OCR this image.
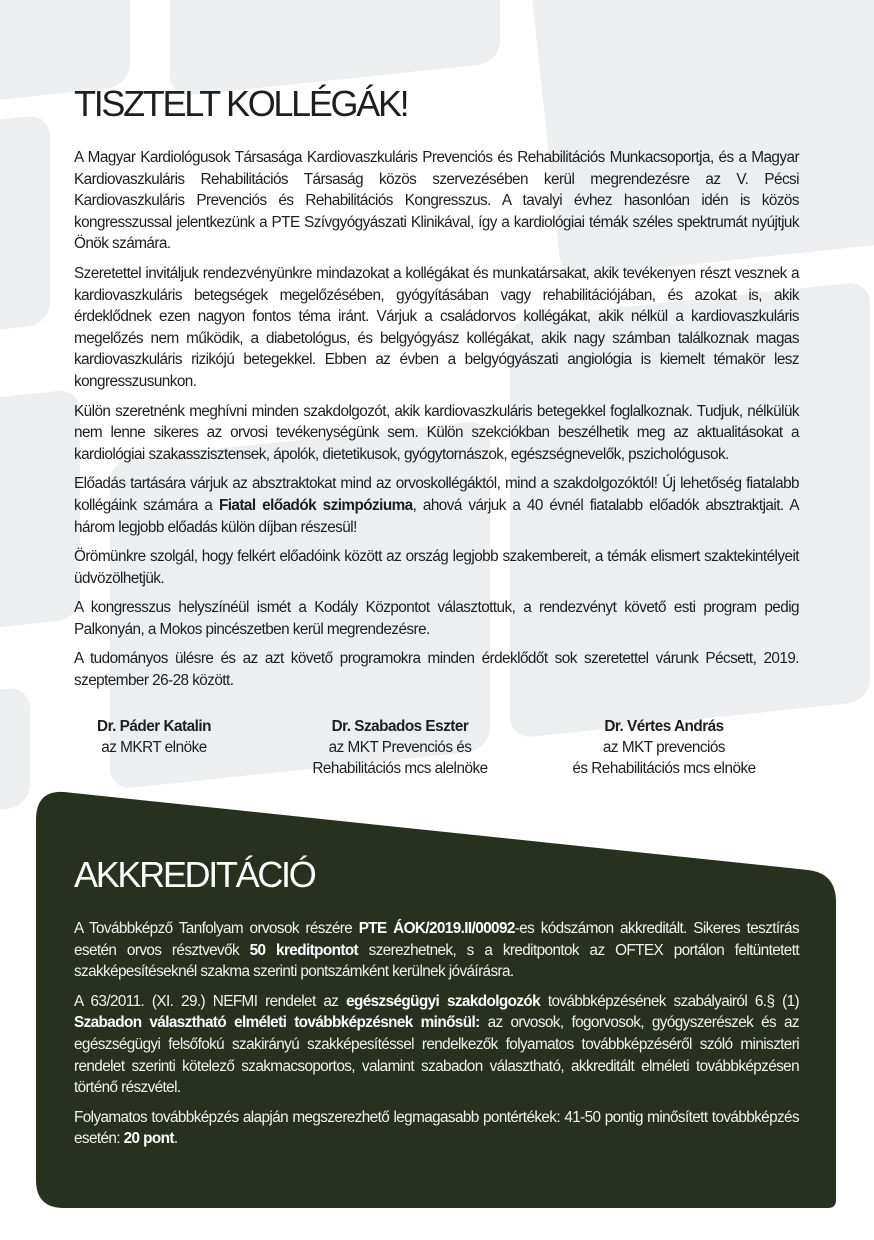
TISZTELT KOLLÉGÁK!

A Magyar Kardiológusok Társasága Kardiovaszkuláris Prevenciós és Rehabilitációs Munkacsoportja, és a Magyar Kardiovaszkuláris Rehabilitációs Társaság közös szervezésében kerül megrendezésre az V. Pécsi Kardiovaszkuláris Prevenciós és Rehabilitációs Kongresszus. A tavalyi évhez hasonlóan idén is közös kongresszussal jelentkezünk a PTE Szívgyógyászati Klinikával, így a kardiológiai témák széles spektrumát nyújtjuk Önök számára.

Szeretettel invitáljuk rendezvényünkre mindazokat a kollégákat és munkatársakat, akik tevékenyen részt vesznek a kardiovaszkuláris betegségek megelőzésében, gyógyításában vagy rehabilitációjában, és azokat is, akik érdeklődnek ezen nagyon fontos téma iránt. Várjuk a családorvos kollégákat, akik nélkül a kardiovaszkuláris megelőzés nem működik, a diabetológus, és belgyógyász kollégákat, akik nagy számban találkoznak magas kardiovaszkuláris rizikójú betegekkel. Ebben az évben a belgyógyászati angiológia is kiemelt témakör lesz kongresszusunkon.

Külön szeretnénk meghívni minden szakdolgozót, akik kardiovaszkuláris betegekkel foglalkoznak. Tudjuk, nélkülük nem lenne sikeres az orvosi tevékenységünk sem. Külön szekciókban beszélhetik meg az aktualitásokat a kardiológiai szakasszisztensek, ápolók, dietetikusok, gyógytornászok, egészségnevelők, pszichológusok.

Előadás tartására várjuk az absztraktokat mind az orvoskollégáktól, mind a szakdolgozóktól! Új lehetőség fiatalabb kollégáink számára a Fiatal előadók szimpóziuma, ahová várjuk a 40 évnél fiatalabb előadók absztraktjait. A három legjobb előadás külön díjban részesül!

Örömünkre szolgál, hogy felkért előadóink között az ország legjobb szakembereit, a témák elismert szaktekintélyeit üdvözölhetjük.

A kongresszus helyszínéül ismét a Kodály Központot választottuk, a rendezvényt követő esti program pedig Palkonyán, a Mokos pincészetben kerül megrendezésre.

A tudományos ülésre és az azt követő programokra minden érdeklődőt sok szeretettel várunk Pécsett, 2019. szeptember 26-28 között.

Dr. Páder Katalin
az MKRT elnöke
Dr. Szabados Eszter
az MKT Prevenciós és
Rehabilitációs mcs alelnöke
Dr. Vértes András
az MKT prevenciós
és Rehabilitációs mcs elnöke
AKKREDITÁCIÓ

A Továbbképző Tanfolyam orvosok részére PTE ÁOK/2019.II/00092-es kódszámon akkreditált. Sikeres tesztírás esetén orvos résztvevők 50 kreditpontot szerezhetnek, s a kreditpontok az OFTEX portálon feltüntetett szakképesítéseknél szakma szerinti pontszámként kerülnek jóváírásra.

A 63/2011. (XI. 29.) NEFMI rendelet az egészségügyi szakdolgozók továbbképzésének szabályairól 6.§ (1) Szabadon választható elméleti továbbképzésnek minősül: az orvosok, fogorvosok, gyógyszerészek és az egészségügyi felsőfokú szakirányú szakképesítéssel rendelkezők folyamatos továbbképzéséről szóló miniszteri rendelet szerinti kötelező szakmacsoportos, valamint szabadon választható, akkreditált elméleti továbbképzésen történő részvétel.

Folyamatos továbbképzés alapján megszerezhető legmagasabb pontértékek: 41-50 pontig minősített továbbképzés esetén: 20 pont.
